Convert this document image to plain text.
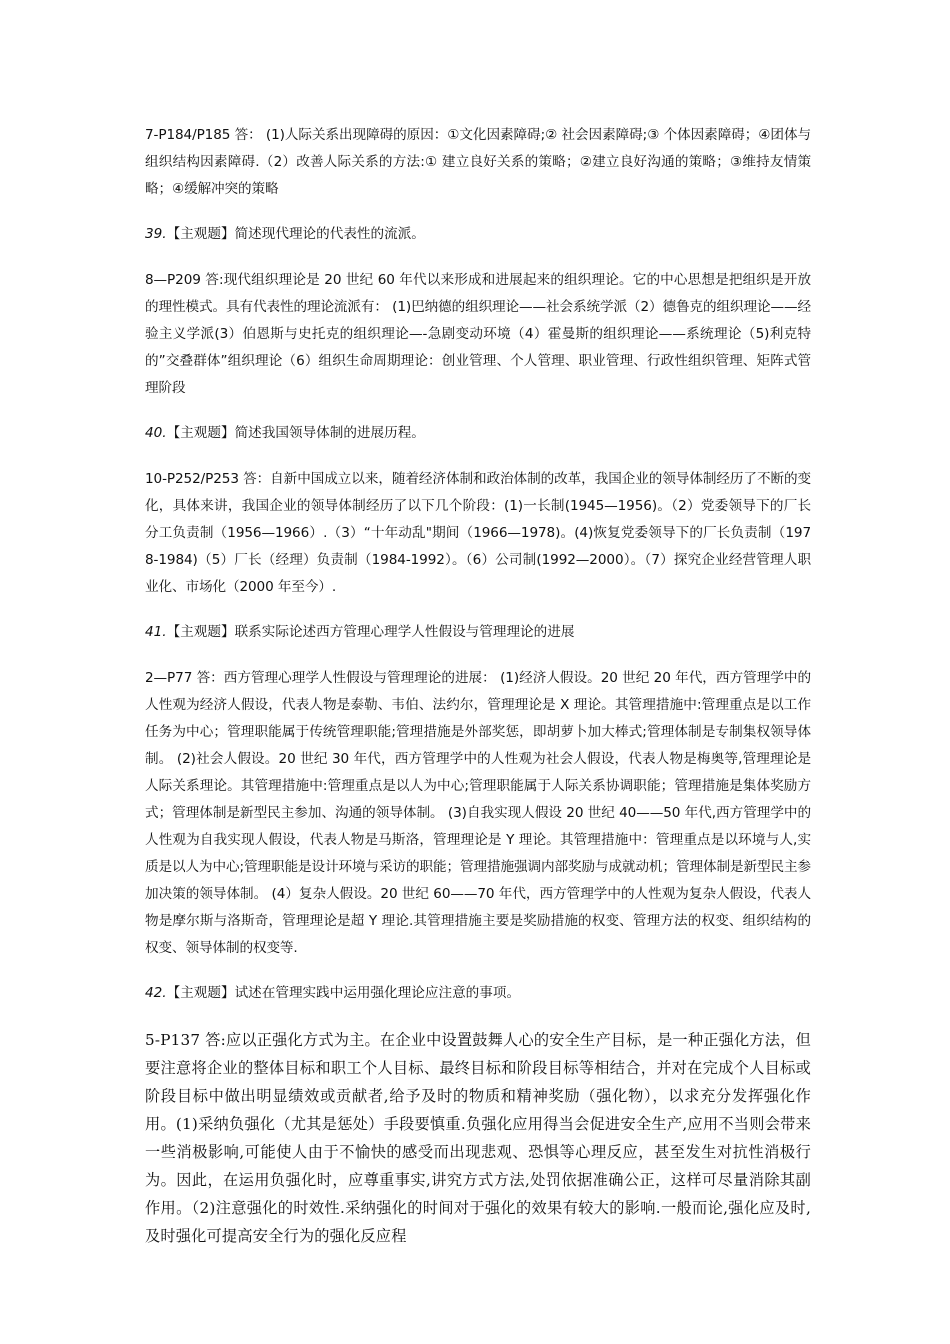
7-P184/P185 答： (1)人际关系出现障碍的原因：①文化因素障碍;② 社会因素障碍;③ 个体因素障碍；④团体与组织结构因素障碍.（2）改善人际关系的方法:① 建立良好关系的策略；②建立良好沟通的策略；③维持友情策略；④缓解冲突的策略

39.【主观题】简述现代理论的代表性的流派。

8—P209 答:现代组织理论是 20 世纪 60 年代以来形成和进展起来的组织理论。它的中心思想是把组织是开放的理性模式。具有代表性的理论流派有： (1)巴纳德的组织理论——社会系统学派（2）德鲁克的组织理论——经验主义学派(3）伯恩斯与史托克的组织理论—-急剧变动环境（4）霍曼斯的组织理论——系统理论（5)利克特的”交叠群体”组织理论（6）组织生命周期理论：创业管理、个人管理、职业管理、行政性组织管理、矩阵式管理阶段

40.【主观题】简述我国领导体制的进展历程。

10-P252/P253 答：自新中国成立以来，随着经济体制和政治体制的改革，我国企业的领导体制经历了不断的变化，具体来讲，我国企业的领导体制经历了以下几个阶段：(1)一长制(1945—1956)。（2）党委领导下的厂长分工负责制（1956—1966）.（3）“十年动乱"期间（1966—1978)。(4)恢复党委领导下的厂长负责制（1978-1984)（5）厂长（经理）负责制（1984-1992）。（6）公司制(1992—2000）。（7）探究企业经营管理人职业化、市场化（2000 年至今）.

41.【主观题】联系实际论述西方管理心理学人性假设与管理理论的进展

2—P77 答：西方管理心理学人性假设与管理理论的进展： (1)经济人假设。20 世纪 20 年代，西方管理学中的人性观为经济人假设，代表人物是泰勒、韦伯、法约尔，管理理论是 X 理论。其管理措施中:管理重点是以工作任务为中心；管理职能属于传统管理职能;管理措施是外部奖惩，即胡萝卜加大棒式;管理体制是专制集权领导体制。 (2)社会人假设。20 世纪 30 年代，西方管理学中的人性观为社会人假设，代表人物是梅奥等,管理理论是人际关系理论。其管理措施中:管理重点是以人为中心;管理职能属于人际关系协调职能；管理措施是集体奖励方式；管理体制是新型民主参加、沟通的领导体制。 (3)自我实现人假设 20 世纪 40——50 年代,西方管理学中的人性观为自我实现人假设，代表人物是马斯洛，管理理论是 Y 理论。其管理措施中：管理重点是以环境与人,实质是以人为中心;管理职能是设计环境与采访的职能；管理措施强调内部奖励与成就动机；管理体制是新型民主参加决策的领导体制。 (4）复杂人假设。20 世纪 60——70 年代，西方管理学中的人性观为复杂人假设，代表人物是摩尔斯与洛斯奇，管理理论是超 Y 理论.其管理措施主要是奖励措施的权变、管理方法的权变、组织结构的权变、领导体制的权变等.

42.【主观题】试述在管理实践中运用强化理论应注意的事项。

5-P137 答:应以正强化方式为主。在企业中设置鼓舞人心的安全生产目标，是一种正强化方法，但要注意将企业的整体目标和职工个人目标、最终目标和阶段目标等相结合，并对在完成个人目标或阶段目标中做出明显绩效或贡献者,给予及时的物质和精神奖励（强化物），以求充分发挥强化作用。(1)采纳负强化（尤其是惩处）手段要慎重.负强化应用得当会促进安全生产,应用不当则会带来一些消极影响,可能使人由于不愉快的感受而出现悲观、恐惧等心理反应，甚至发生对抗性消极行为。因此，在运用负强化时，应尊重事实,讲究方式方法,处罚依据准确公正，这样可尽量消除其副作用。（2)注意强化的时效性.采纳强化的时间对于强化的效果有较大的影响.一般而论,强化应及时,及时强化可提高安全行为的强化反应程
